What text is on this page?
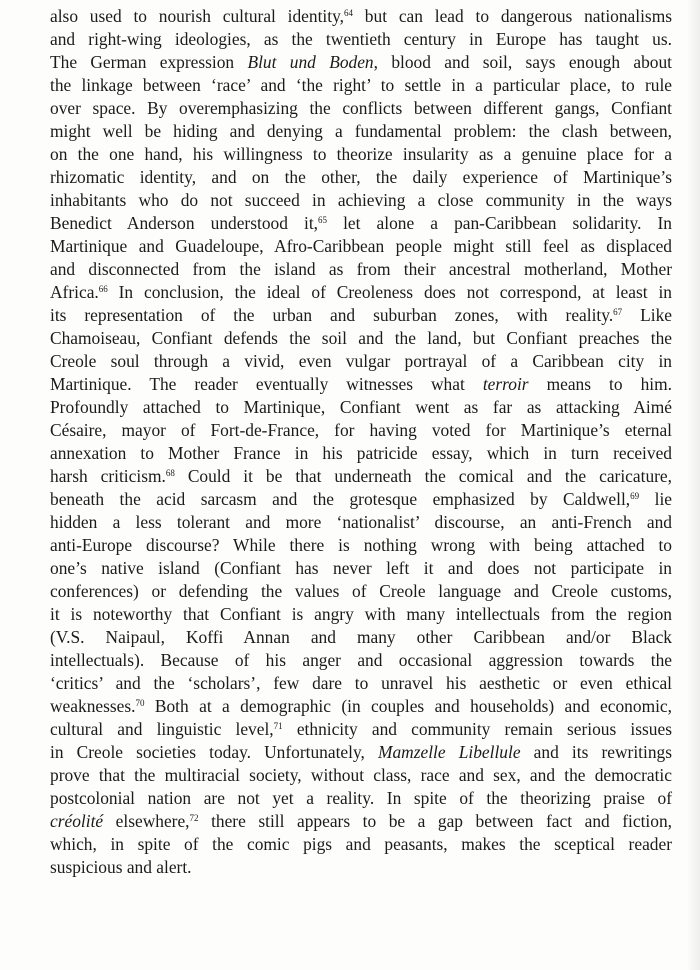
also used to nourish cultural identity,$^{64}$ but can lead to dangerous nationalisms
and right-wing ideologies, as the twentieth century in Europe has taught us.
The German expression Blut und Boden, blood and soil, says enough about
the linkage between ‘race’ and ‘the right’ to settle in a particular place, to rule
over space. By overemphasizing the conflicts between different gangs, Confiant
might well be hiding and denying a fundamental problem: the clash between,
on the one hand, his willingness to theorize insularity as a genuine place for a
rhizomatic identity, and on the other, the daily experience of Martinique’s
inhabitants who do not succeed in achieving a close community in the ways
Benedict Anderson understood it,$^{65}$ let alone a pan-Caribbean solidarity. In
Martinique and Guadeloupe, Afro-Caribbean people might still feel as displaced
and disconnected from the island as from their ancestral motherland, Mother
Africa.$^{66}$ In conclusion, the ideal of Creoleness does not correspond, at least in
its representation of the urban and suburban zones, with reality.$^{67}$ Like
Chamoiseau, Confiant defends the soil and the land, but Confiant preaches the
Creole soul through a vivid, even vulgar portrayal of a Caribbean city in
Martinique. The reader eventually witnesses what terroir means to him.
Profoundly attached to Martinique, Confiant went as far as attacking Aimé
Césaire, mayor of Fort-de-France, for having voted for Martinique’s eternal
annexation to Mother France in his patricide essay, which in turn received
harsh criticism.$^{68}$ Could it be that underneath the comical and the caricature,
beneath the acid sarcasm and the grotesque emphasized by Caldwell,$^{69}$ lie
hidden a less tolerant and more ‘nationalist’ discourse, an anti-French and
anti-Europe discourse? While there is nothing wrong with being attached to
one’s native island (Confiant has never left it and does not participate in
conferences) or defending the values of Creole language and Creole customs,
it is noteworthy that Confiant is angry with many intellectuals from the region
(V.S. Naipaul, Koffi Annan and many other Caribbean and/or Black
intellectuals). Because of his anger and occasional aggression towards the
‘critics’ and the ‘scholars’, few dare to unravel his aesthetic or even ethical
weaknesses.$^{70}$ Both at a demographic (in couples and households) and economic,
cultural and linguistic level,$^{71}$ ethnicity and community remain serious issues
in Creole societies today. Unfortunately, Mamzelle Libellule and its rewritings
prove that the multiracial society, without class, race and sex, and the democratic
postcolonial nation are not yet a reality. In spite of the theorizing praise of
créolité elsewhere,$^{72}$ there still appears to be a gap between fact and fiction,
which, in spite of the comic pigs and peasants, makes the sceptical reader
suspicious and alert.
